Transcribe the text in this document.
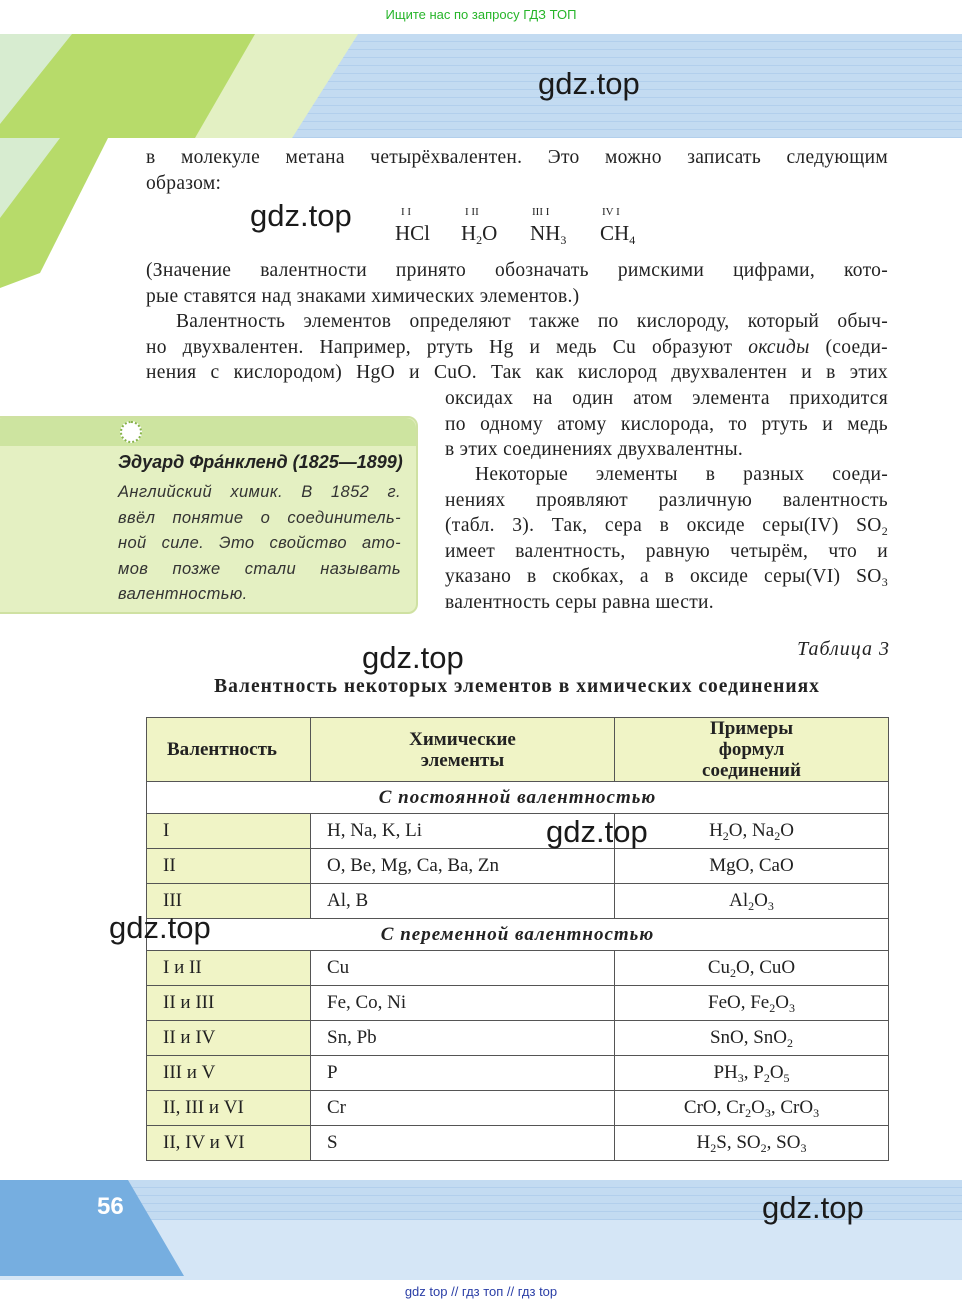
Ищите нас по запросу ГДЗ ТОП
gdz.top
в молекуле метана четырёхвалентен. Это можно записать следующим
образом:
gdz.top	I I
HCl
I II
$H_2O$
III I
$NH_3$
IV I
$CH_4$
(Значение валентности принято обозначать римскими цифрами, кото-
рые ставятся над знаками химических элементов.)
Валентность элементов определяют также по кислороду, который обыч-
но двухвалентен. Например, ртуть Hg и медь Cu образуют оксиды (соеди-
нения с кислородом) HgO и CuO. Так как кислород двухвалентен и в этих
оксидах на один атом элемента приходится
по одному атому кислорода, то ртуть и медь
в этих соединениях двухвалентны.
Некоторые элементы в разных соеди-
нениях проявляют различную валентность
(табл. 3). Так, сера в оксиде серы(IV) $SO_2$
имеет валентность, равную четырём, что и
указано в скобках, а в оксиде серы(VI) $SO_3$
валентность серы равна шести.
Эдуард Фра́нкленд (1825—1899)
Английский химик. В 1852 г.
ввёл понятие о соединитель-
ной силе. Это свойство ато-
мов позже стали называть
валентностью.
gdz.top	Таблица 3
Валентность некоторых элементов в химических соединениях
Валентность	Химические элементы	Примеры формул соединений
С постоянной валентностью		
I	H, Na, K, Li	$H_2O$, $Na_2O$
II	O, Be, Mg, Ca, Ba, Zn	MgO, CaO
III	Al, B	$Al_2O_3$
С переменной валентностью		
I и II	Cu	$Cu_2O$, CuO
II и III	Fe, Co, Ni	FeO, $Fe_2O_3$
II и IV	Sn, Pb	SnO, SnO$_2$
III и V	P	$PH_3$, $P_2O_5$
II, III и VI	Cr	CrO, $Cr_2O_3$, CrO$_3$
II, IV и VI	S	$H_2S$, $SO_2$, $SO_3$
gdz.top
gdz.top
56	gdz.top
gdz top // гдз топ // гдз top
